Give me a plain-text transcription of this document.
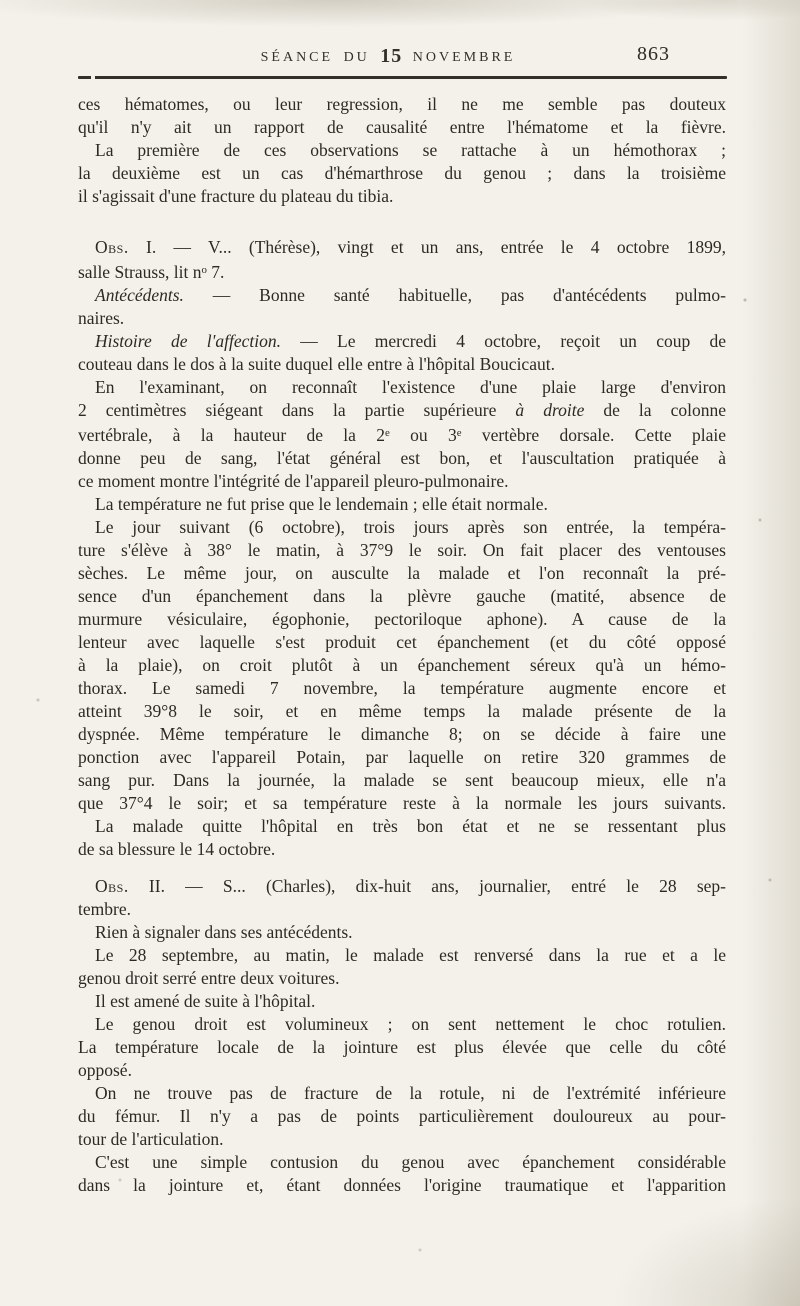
SÉANCE DU 15 NOVEMBRE	863
ces hématomes, ou leur regression, il ne me semble pas douteux
qu'il n'y ait un rapport de causalité entre l'hématome et la fièvre.
La première de ces observations se rattache à un hémothorax ;
la deuxième est un cas d'hémarthrose du genou ; dans la troisième
il s'agissait d'une fracture du plateau du tibia.
Obs. I. — V... (Thérèse), vingt et un ans, entrée le 4 octobre 1899,
salle Strauss, lit $n^o$ 7.
Antécédents. — Bonne santé habituelle, pas d'antécédents pulmo-
naires.
Histoire de l'affection. — Le mercredi 4 octobre, reçoit un coup de
couteau dans le dos à la suite duquel elle entre à l'hôpital Boucicaut.
En l'examinant, on reconnaît l'existence d'une plaie large d'environ
2 centimètres siégeant dans la partie supérieure à droite de la colonne
vertébrale, à la hauteur de la 2e ou 3e vertèbre dorsale. Cette plaie
donne peu de sang, l'état général est bon, et l'auscultation pratiquée à
ce moment montre l'intégrité de l'appareil pleuro-pulmonaire.
La température ne fut prise que le lendemain ; elle était normale.
Le jour suivant (6 octobre), trois jours après son entrée, la tempéra-
ture s'élève à 38° le matin, à 37°9 le soir. On fait placer des ventouses
sèches. Le même jour, on ausculte la malade et l'on reconnaît la pré-
sence d'un épanchement dans la plèvre gauche (matité, absence de
murmure vésiculaire, égophonie, pectoriloque aphone). A cause de la
lenteur avec laquelle s'est produit cet épanchement (et du côté opposé
à la plaie), on croit plutôt à un épanchement séreux qu'à un hémo-
thorax. Le samedi 7 novembre, la température augmente encore et
atteint 39°8 le soir, et en même temps la malade présente de la
dyspnée. Même température le dimanche 8; on se décide à faire une
ponction avec l'appareil Potain, par laquelle on retire 320 grammes de
sang pur. Dans la journée, la malade se sent beaucoup mieux, elle n'a
que 37°4 le soir; et sa température reste à la normale les jours suivants.
La malade quitte l'hôpital en très bon état et ne se ressentant plus
de sa blessure le 14 octobre.
Obs. II. — S... (Charles), dix-huit ans, journalier, entré le 28 sep-
tembre.
Rien à signaler dans ses antécédents.
Le 28 septembre, au matin, le malade est renversé dans la rue et a le
genou droit serré entre deux voitures.
Il est amené de suite à l'hôpital.
Le genou droit est volumineux ; on sent nettement le choc rotulien.
La température locale de la jointure est plus élevée que celle du côté
opposé.
On ne trouve pas de fracture de la rotule, ni de l'extrémité inférieure
du fémur. Il n'y a pas de points particulièrement douloureux au pour-
tour de l'articulation.
C'est une simple contusion du genou avec épanchement considérable
dans la jointure et, étant données l'origine traumatique et l'apparition
